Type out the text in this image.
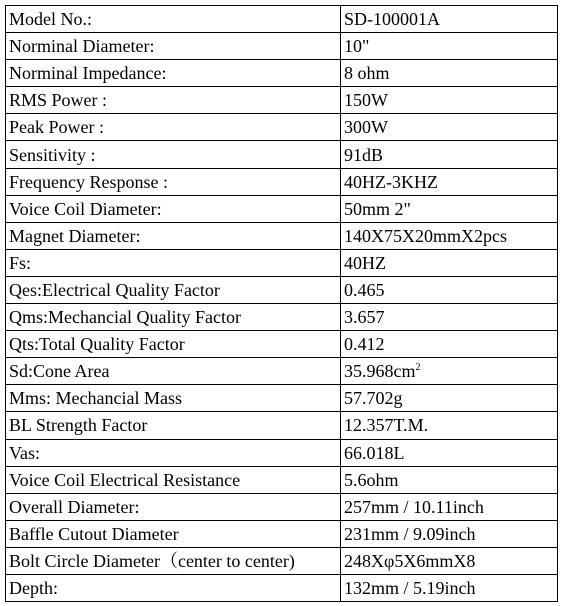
Model No.:	SD-100001A
Norminal Diameter:	10"
Norminal Impedance:	8 ohm
RMS Power :	150W
Peak Power :	300W
Sensitivity :	91dB
Frequency Response :	40HZ-3KHZ
Voice Coil Diameter:	50mm 2"
Magnet Diameter:	140X75X20mmX2pcs
Fs:	40HZ
Qes:Electrical Quality Factor	0.465
Qms:Mechancial Quality Factor	3.657
Qts:Total Quality Factor	0.412
Sd:Cone Area	$35.968cm^2$
Mms: Mechancial Mass	57.702g
BL Strength Factor	12.357T.M.
Vas:	66.018L
Voice Coil Electrical Resistance	5.6ohm
Overall Diameter:	257mm / 10.11inch
Baffle Cutout Diameter	231mm / 9.09inch
Bolt Circle Diameter（center to center)	248Xφ5X6mmX8
Depth:	132mm / 5.19inch
